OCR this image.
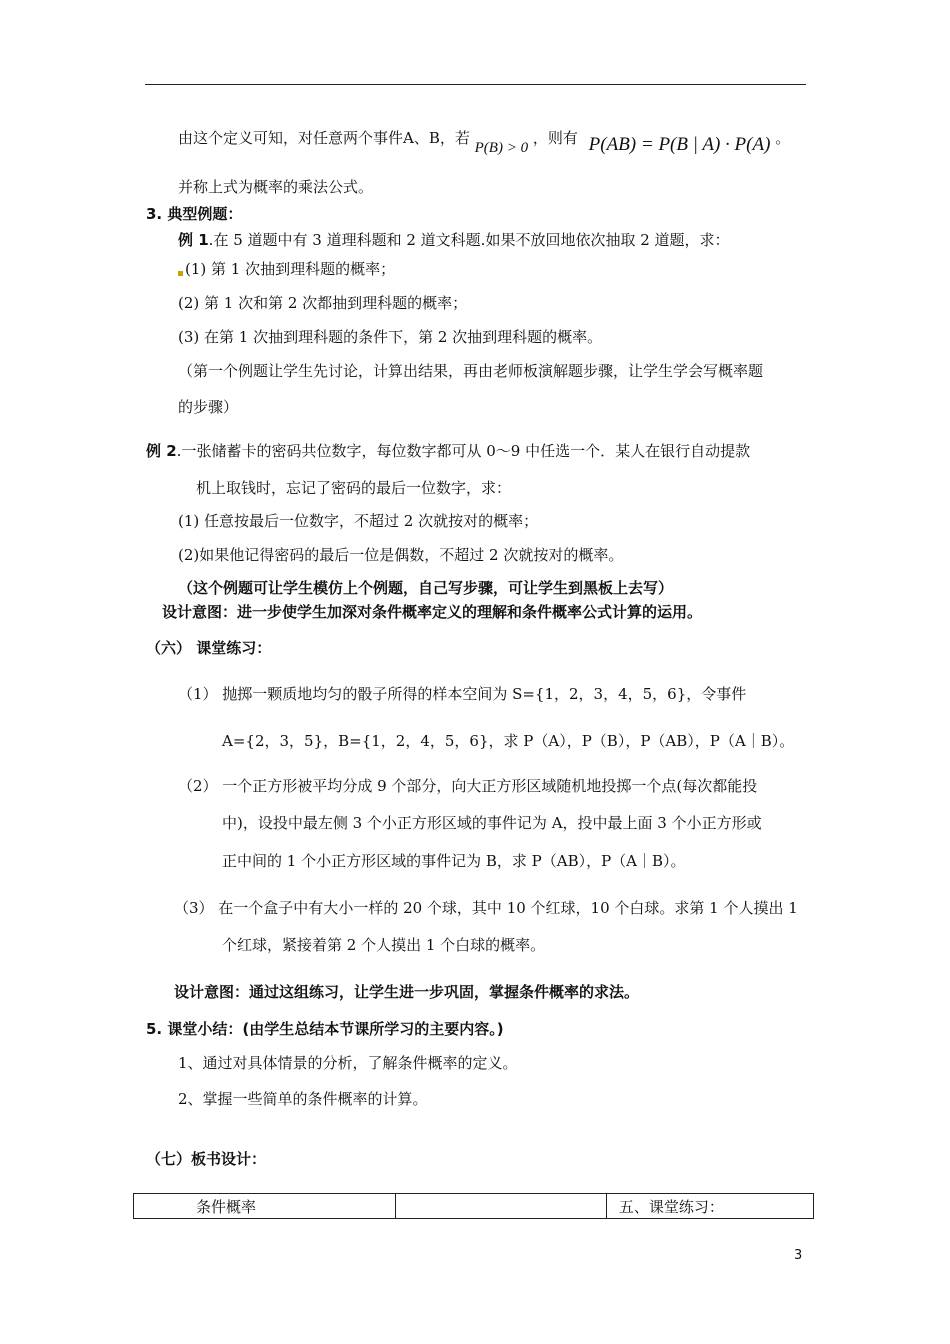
由这个定义可知，对任意两个事件A、B，若 P(B) > 0 ，则有 P(AB) = P(B | A) · P(A) 。
并称上式为概率的乘法公式。
3. 典型例题：
例 1.在 5 道题中有 3 道理科题和 2 道文科题.如果不放回地依次抽取 2 道题，求：
(1) 第 1 次抽到理科题的概率；
(2) 第 1 次和第 2 次都抽到理科题的概率；
(3) 在第 1 次抽到理科题的条件下，第 2 次抽到理科题的概率。
（第一个例题让学生先讨论，计算出结果，再由老师板演解题步骤，让学生学会写概率题
的步骤）
例 2.一张储蓄卡的密码共位数字，每位数字都可从 0～9 中任选一个．某人在银行自动提款
机上取钱时，忘记了密码的最后一位数字，求：
(1) 任意按最后一位数字，不超过 2 次就按对的概率；
(2)如果他记得密码的最后一位是偶数，不超过 2 次就按对的概率。
（这个例题可让学生模仿上个例题，自己写步骤，可让学生到黑板上去写）
设计意图：进一步使学生加深对条件概率定义的理解和条件概率公式计算的运用。
（六） 课堂练习：
（1） 抛掷一颗质地均匀的骰子所得的样本空间为 S={1，2，3，4，5，6}，令事件
A={2，3，5}，B={1，2，4，5，6}，求 P（A），P（B），P（AB），P（A｜B）。
（2） 一个正方形被平均分成 9 个部分，向大正方形区域随机地投掷一个点(每次都能投
中)，设投中最左侧 3 个小正方形区域的事件记为 A，投中最上面 3 个小正方形或
正中间的 1 个小正方形区域的事件记为 B，求 P（AB），P（A｜B）。
（3） 在一个盒子中有大小一样的 20 个球，其中 10 个红球，10 个白球。求第 1 个人摸出 1
个红球，紧接着第 2 个人摸出 1 个白球的概率。
设计意图：通过这组练习，让学生进一步巩固，掌握条件概率的求法。
5. 课堂小结：(由学生总结本节课所学习的主要内容。)
1、通过对具体情景的分析，了解条件概率的定义。
2、掌握一些简单的条件概率的计算。
（七）板书设计：
条件概率		五、课堂练习：
3
